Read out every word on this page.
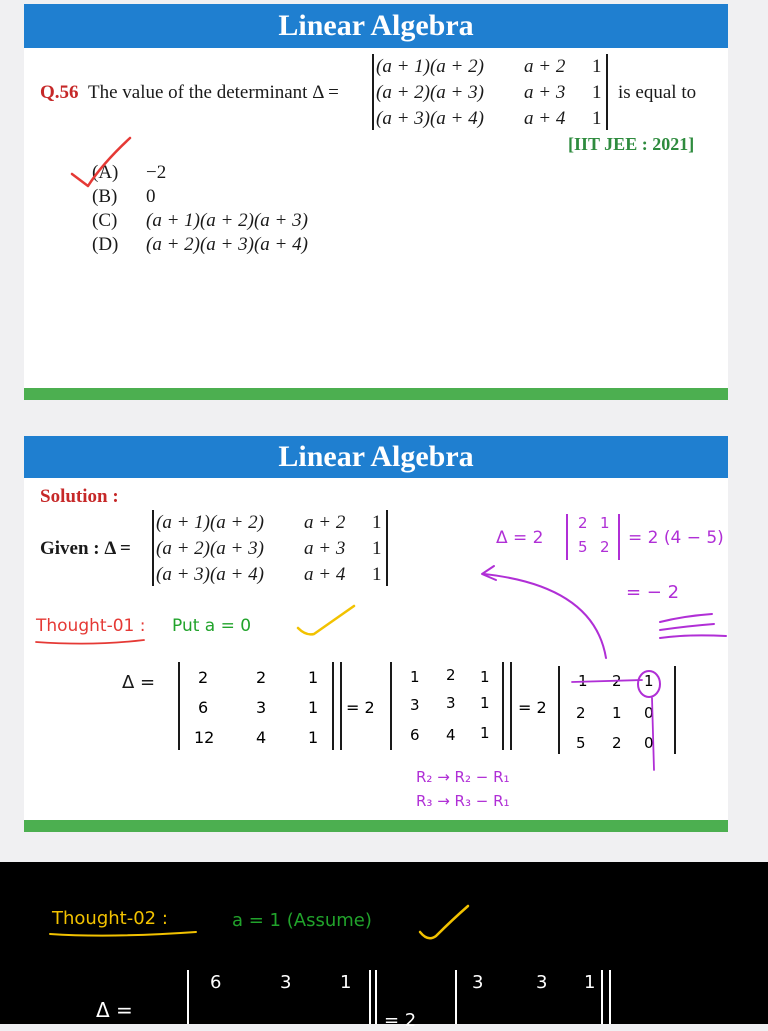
Linear Algebra
Q.56 The value of the determinant Δ =
(a + 1)(a + 2) a + 2 1
(a + 2)(a + 3) a + 3 1
(a + 3)(a + 4) a + 4 1
is equal to
[IIT JEE : 2021]
(A) −2
(B) 0
(C) (a + 1)(a + 2)(a + 3)
(D) (a + 2)(a + 3)(a + 4)
Linear Algebra
Solution :
Given : Δ =
(a + 1)(a + 2) a + 2 1
(a + 2)(a + 3) a + 3 1
(a + 3)(a + 4) a + 4 1
Δ = 2
2 1
5 2 = 2 (4 − 5)
= − 2
Thought-01 : Put a = 0
Δ =	2	2	1
6	3	1
12	4	1
= 2
1 2 1
3 3 1
6 4 1
= 2
1 2 1
2 1 0
5 2 0
R₂ → R₂ − R₁
R₃ → R₃ − R₁
Thought-02 :	a = 1 (Assume)
Δ =
6	3	1
= 2
3	3 1
